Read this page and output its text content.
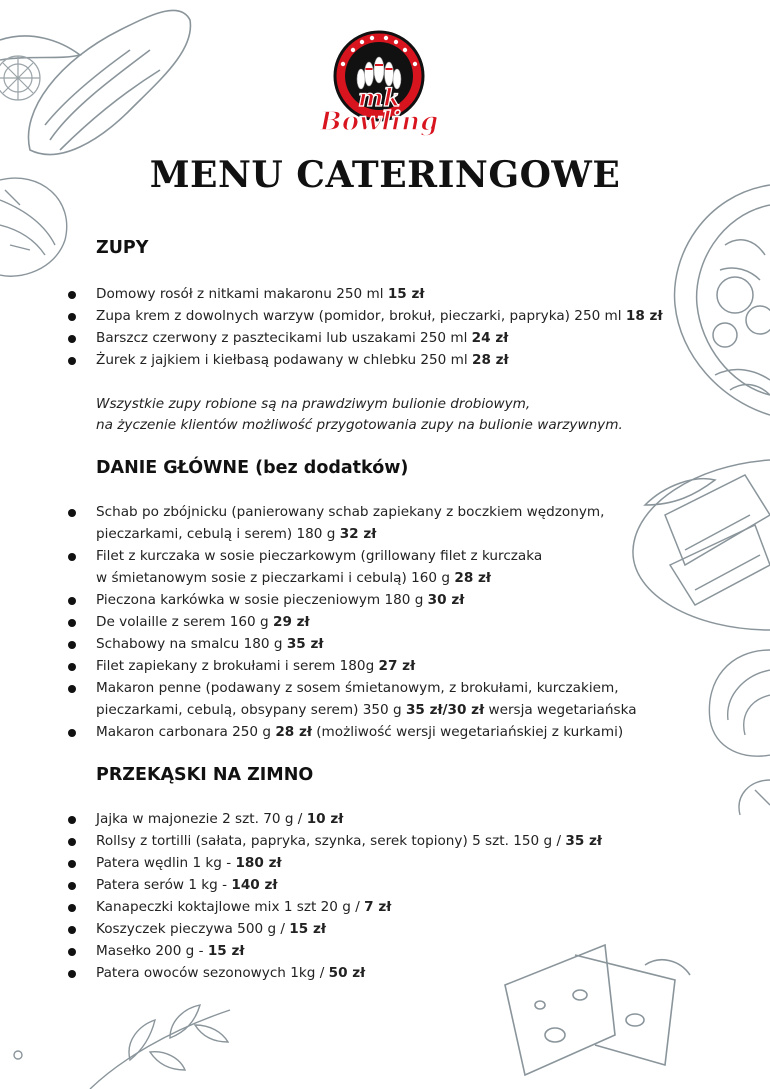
mk
Bowling
MENU CATERINGOWE
ZUPY
Domowy rosół z nitkami makaronu 250 ml 15 zł
Zupa krem z dowolnych warzyw (pomidor, brokuł, pieczarki, papryka) 250 ml 18 zł
Barszcz czerwony z pasztecikami lub uszakami 250 ml 24 zł
Żurek z jajkiem i kiełbasą podawany w chlebku 250 ml 28 zł
Wszystkie zupy robione są na prawdziwym bulionie drobiowym,
na życzenie klientów możliwość przygotowania zupy na bulionie warzywnym.
DANIE GŁÓWNE (bez dodatków)
Schab po zbójnicku (panierowany schab zapiekany z boczkiem wędzonym,
pieczarkami, cebulą i serem) 180 g 32 zł
Filet z kurczaka w sosie pieczarkowym (grillowany filet z kurczaka
w śmietanowym sosie z pieczarkami i cebulą) 160 g 28 zł
Pieczona karkówka w sosie pieczeniowym 180 g 30 zł
De volaille z serem 160 g 29 zł
Schabowy na smalcu 180 g 35 zł
Filet zapiekany z brokułami i serem 180g 27 zł
Makaron penne (podawany z sosem śmietanowym, z brokułami, kurczakiem,
pieczarkami, cebulą, obsypany serem) 350 g 35 zł/30 zł wersja wegetariańska
Makaron carbonara 250 g 28 zł (możliwość wersji wegetariańskiej z kurkami)
PRZEKĄSKI NA ZIMNO
Jajka w majonezie 2 szt. 70 g / 10 zł
Rollsy z tortilli (sałata, papryka, szynka, serek topiony) 5 szt. 150 g / 35 zł
Patera wędlin 1 kg - 180 zł
Patera serów 1 kg - 140 zł
Kanapeczki koktajlowe mix 1 szt 20 g / 7 zł
Koszyczek pieczywa 500 g / 15 zł
Masełko 200 g - 15 zł
Patera owoców sezonowych 1kg / 50 zł
